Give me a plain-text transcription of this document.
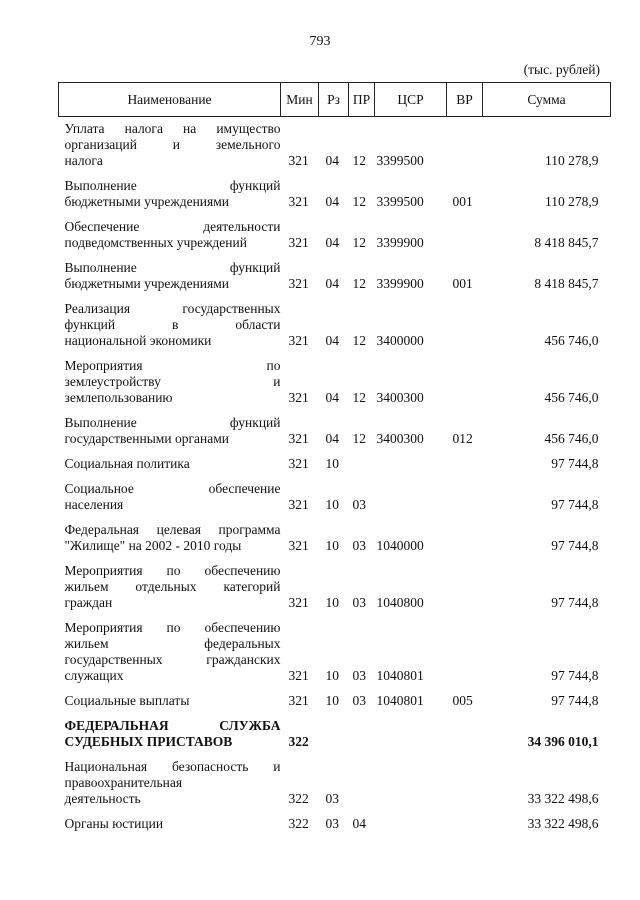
793
(тыс. рублей)
Наименование	Мин	Рз	ПР	ЦСР	ВР	Сумма

Уплата налога на имущество
организаций и земельного
налога	321	04	12	3399500		110 278,9

Выполнение функций
бюджетными учреждениями	321	04	12	3399500	001	110 278,9

Обеспечение деятельности
подведомственных учреждений	321	04	12	3399900		8 418 845,7

Выполнение функций
бюджетными учреждениями	321	04	12	3399900	001	8 418 845,7

Реализация государственных
функций в области
национальной экономики	321	04	12	3400000		456 746,0

Мероприятия по
землеустройству и
землепользованию	321	04	12	3400300		456 746,0

Выполнение функций
государственными органами	321	04	12	3400300	012	456 746,0

Социальная политика	321	10				97 744,8

Социальное обеспечение
населения	321	10	03			97 744,8

Федеральная целевая программа
"Жилище" на 2002 - 2010 годы	321	10	03	1040000		97 744,8

Мероприятия по обеспечению
жильем отдельных категорий
граждан	321	10	03	1040800		97 744,8

Мероприятия по обеспечению
жильем федеральных
государственных гражданских
служащих	321	10	03	1040801		97 744,8

Социальные выплаты	321	10	03	1040801	005	97 744,8

ФЕДЕРАЛЬНАЯ СЛУЖБА
СУДЕБНЫХ ПРИСТАВОВ	322					34 396 010,1

Национальная безопасность и
правоохранительная
деятельность	322	03				33 322 498,6

Органы юстиции	322	03	04			33 322 498,6
